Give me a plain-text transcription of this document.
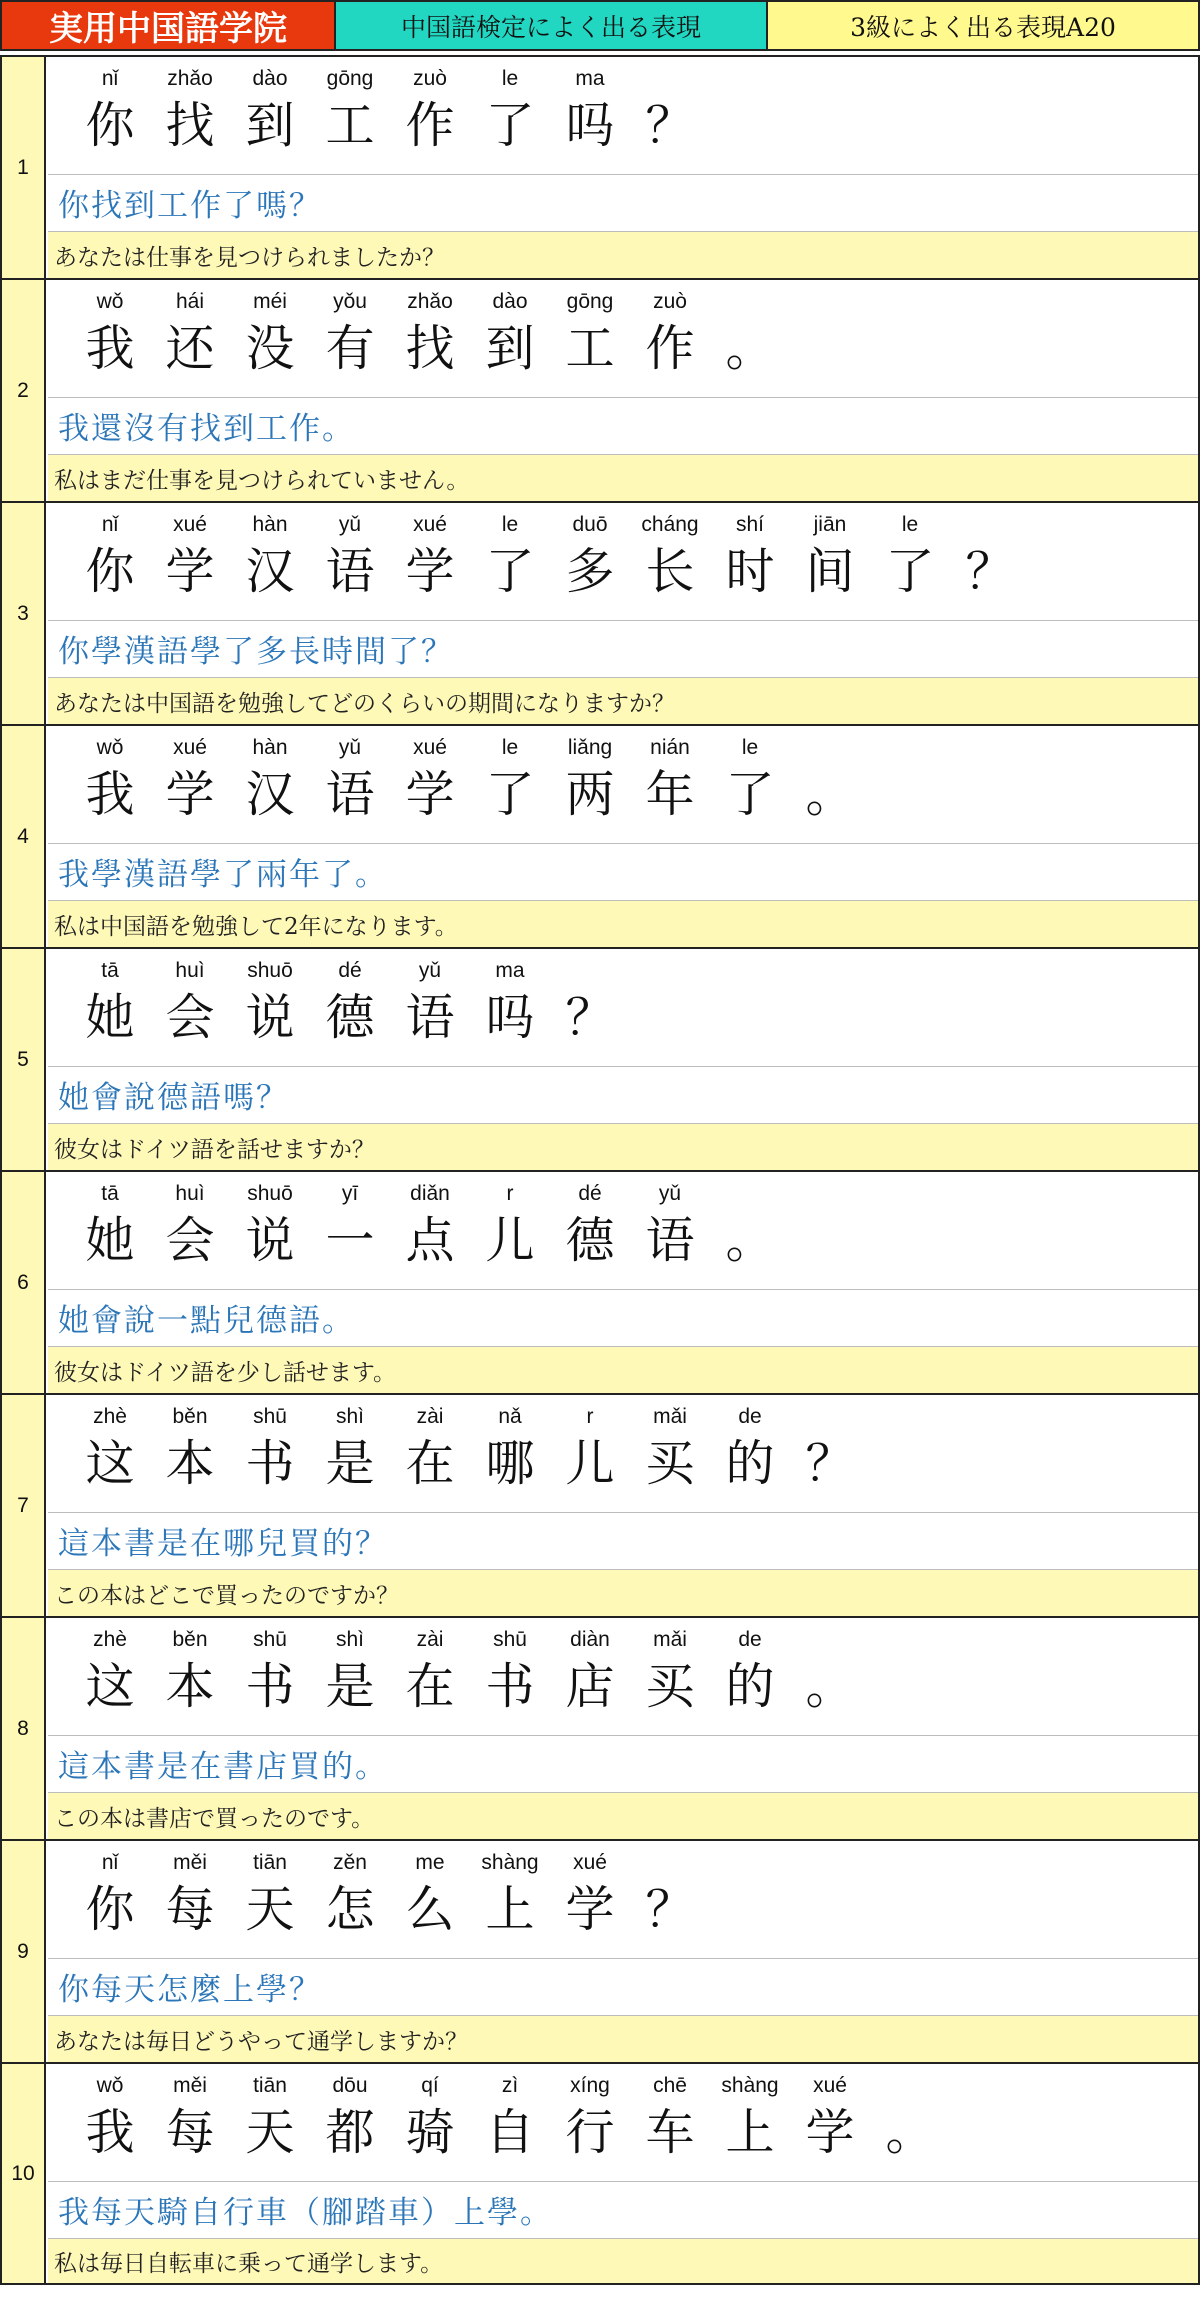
実用中国語学院	中国語検定によく出る表現	3級によく出る表現A20
1
nǐ
你
zhǎo
找
dào
到
gōng
工
zuò
作
le
了
ma
吗 ？
你找到工作了嗎？
あなたは仕事を見つけられましたか？
2
wǒ
我
hái
还
méi
没
yǒu
有
zhǎo
找
dào
到
gōng
工
zuò
作 。
我還沒有找到工作。
私はまだ仕事を見つけられていません。
3
nǐ
你
xué
学
hàn
汉
yǔ
语
xué
学
le
了
duō
多
cháng
长
shí
时
jiān
间
le
了 ？
你學漢語學了多長時間了？
あなたは中国語を勉強してどのくらいの期間になりますか？
4
wǒ
我
xué
学
hàn
汉
yǔ
语
xué
学
le
了
liǎng
两
nián
年
le
了 。
我學漢語學了兩年了。
私は中国語を勉強して2年になります。
5
tā
她
huì
会
shuō
说
dé
德
yǔ
语
ma
吗 ？
她會說德語嗎？
彼女はドイツ語を話せますか？
6
tā
她
huì
会
shuō
说
yī
一
diǎn
点
r
儿
dé
德
yǔ
语 。
她會說一點兒德語。
彼女はドイツ語を少し話せます。
7
zhè
这
běn
本
shū
书
shì
是
zài
在
nǎ
哪
r
儿
mǎi
买
de
的 ？
這本書是在哪兒買的？
この本はどこで買ったのですか？
8
zhè
这
běn
本
shū
书
shì
是
zài
在
shū
书
diàn
店
mǎi
买
de
的 。
這本書是在書店買的。
この本は書店で買ったのです。
9
nǐ
你
měi
每
tiān
天
zěn
怎
me
么
shàng
上
xué
学 ？
你每天怎麼上學？
あなたは毎日どうやって通学しますか？
10
wǒ
我
měi
每
tiān
天
dōu
都
qí
骑
zì
自
xíng
行
chē
车
shàng
上
xué
学 。
我每天騎自行車（腳踏車）上學。
私は毎日自転車に乗って通学します。
